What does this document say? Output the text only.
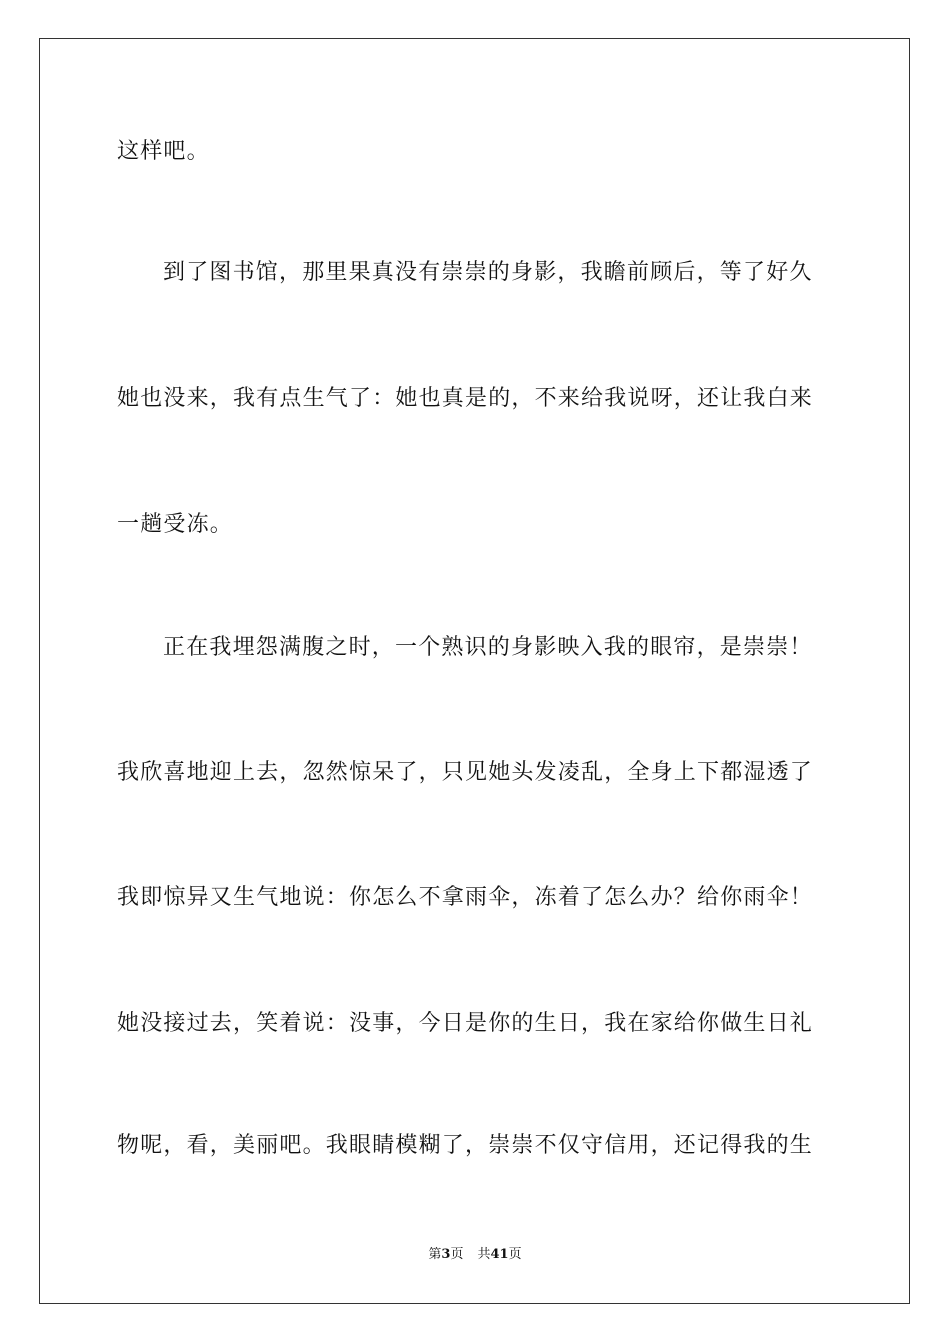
这样吧。
到了图书馆，那里果真没有崇崇的身影，我瞻前顾后，等了好久
她也没来，我有点生气了：她也真是的，不来给我说呀，还让我白来
一趟受冻。
正在我埋怨满腹之时，一个熟识的身影映入我的眼帘，是崇崇！
我欣喜地迎上去，忽然惊呆了，只见她头发凌乱，全身上下都湿透了
我即惊异又生气地说：你怎么不拿雨伞，冻着了怎么办？给你雨伞！
她没接过去，笑着说：没事，今日是你的生日，我在家给你做生日礼
物呢，看，美丽吧。我眼睛模糊了，崇崇不仅守信用，还记得我的生
第3页 共41页
